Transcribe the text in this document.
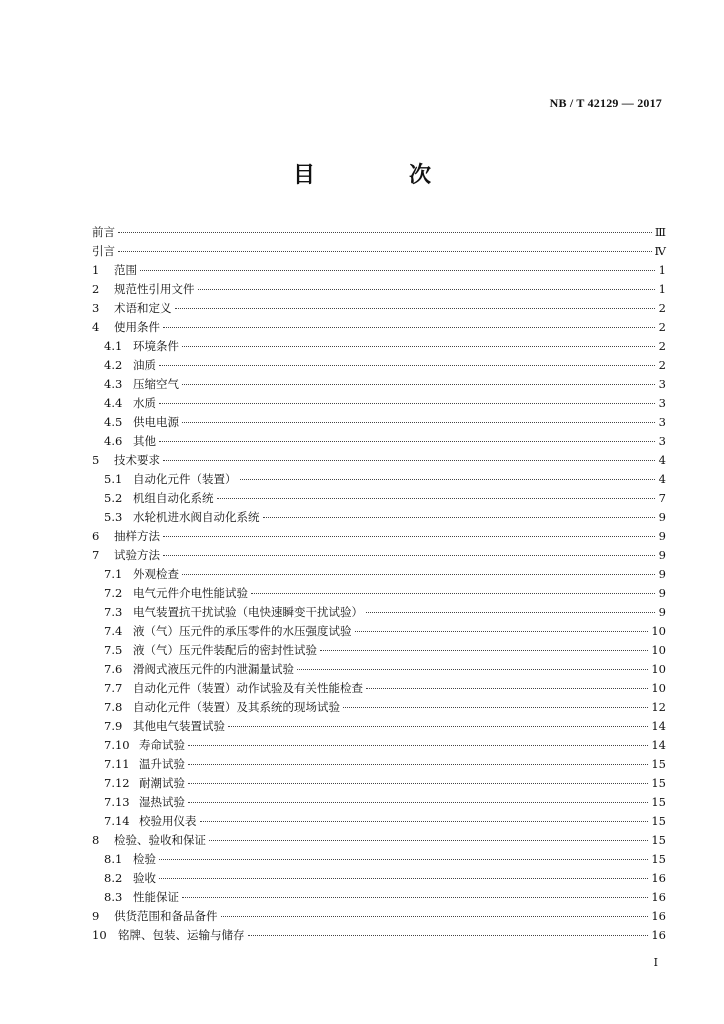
NB / T 42129 — 2017
目　次
前言	Ⅲ
引言	Ⅳ
1	范围	1
2	规范性引用文件	1
3	术语和定义	2
4	使用条件	2
4.1 环境条件	2
4.2 油质	2
4.3 压缩空气	3
4.4 水质	3
4.5 供电电源	3
4.6 其他	3
5	技术要求	4
5.1 自动化元件（装置）	4
5.2 机组自动化系统	7
5.3 水轮机进水阀自动化系统	9
6	抽样方法	9
7	试验方法	9
7.1 外观检查	9
7.2 电气元件介电性能试验	9
7.3 电气装置抗干扰试验（电快速瞬变干扰试验）	9
7.4 液（气）压元件的承压零件的水压强度试验	10
7.5 液（气）压元件装配后的密封性试验	10
7.6 滑阀式液压元件的内泄漏量试验	10
7.7 自动化元件（装置）动作试验及有关性能检查	10
7.8 自动化元件（装置）及其系统的现场试验	12
7.9 其他电气装置试验	14
7.10 寿命试验	14
7.11 温升试验	15
7.12 耐潮试验	15
7.13 湿热试验	15
7.14 校验用仪表	15
8	检验、验收和保证	15
8.1 检验	15
8.2 验收	16
8.3 性能保证	16
9	供货范围和备品备件	16
10 铭牌、包装、运输与储存	16
I
